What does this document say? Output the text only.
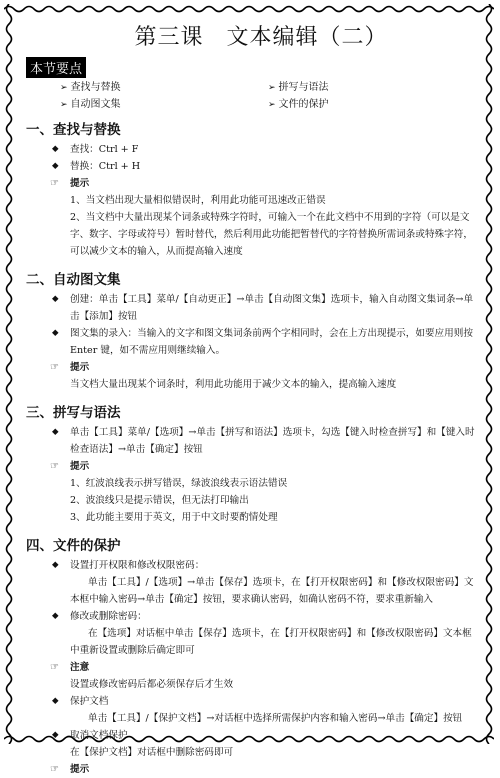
第三课　文本编辑（二）
本节要点
➢ 查找与替换	➢ 拼写与语法
➢ 自动图文集	➢ 文件的保护
一、查找与替换

◆ 查找：Ctrl + F

◆ 替换：Ctrl + H

☞ 提示

1、当文档出现大量相似错误时，利用此功能可迅速改正错误

2、当文档中大量出现某个词条或特殊字符时，可输入一个在此文档中不用到的字符（可以是文字、数字、字母或符号）暂时替代，然后利用此功能把暂替代的字符替换所需词条或特殊字符，可以减少文本的输入，从而提高输入速度

二、自动图文集

◆ 创建：单击【工具】菜单/【自动更正】→单击【自动图文集】选项卡，输入自动图文集词条→单击【添加】按钮

◆ 图文集的录入：当输入的文字和图文集词条前两个字相同时，会在上方出现提示，如要应用则按 Enter 键，如不需应用则继续输入。

☞ 提示

当文档大量出现某个词条时，利用此功能用于减少文本的输入，提高输入速度

三、拼写与语法

◆ 单击【工具】菜单/【选项】→单击【拼写和语法】选项卡，勾选【键入时检查拼写】和【键入时检查语法】→单击【确定】按钮

☞ 提示

1、红波浪线表示拼写错误，绿波浪线表示语法错误

2、波浪线只是提示错误，但无法打印输出

3、此功能主要用于英文，用于中文时要酌情处理

四、文件的保护

◆ 设置打开权限和修改权限密码：

单击【工具】/【选项】→单击【保存】选项卡，在【打开权限密码】和【修改权限密码】文本框中输入密码→单击【确定】按钮，要求确认密码，如确认密码不符，要求重新输入

◆ 修改或删除密码：

在【选项】对话框中单击【保存】选项卡，在【打开权限密码】和【修改权限密码】文本框中重新设置或删除后确定即可

☞ 注意

设置或修改密码后都必须保存后才生效

◆ 保护文档

单击【工具】/【保护文档】→对话框中选择所需保护内容和输入密码→单击【确定】按钮

◆ 取消文档保护

在【保护文档】对话框中删除密码即可

☞ 提示
